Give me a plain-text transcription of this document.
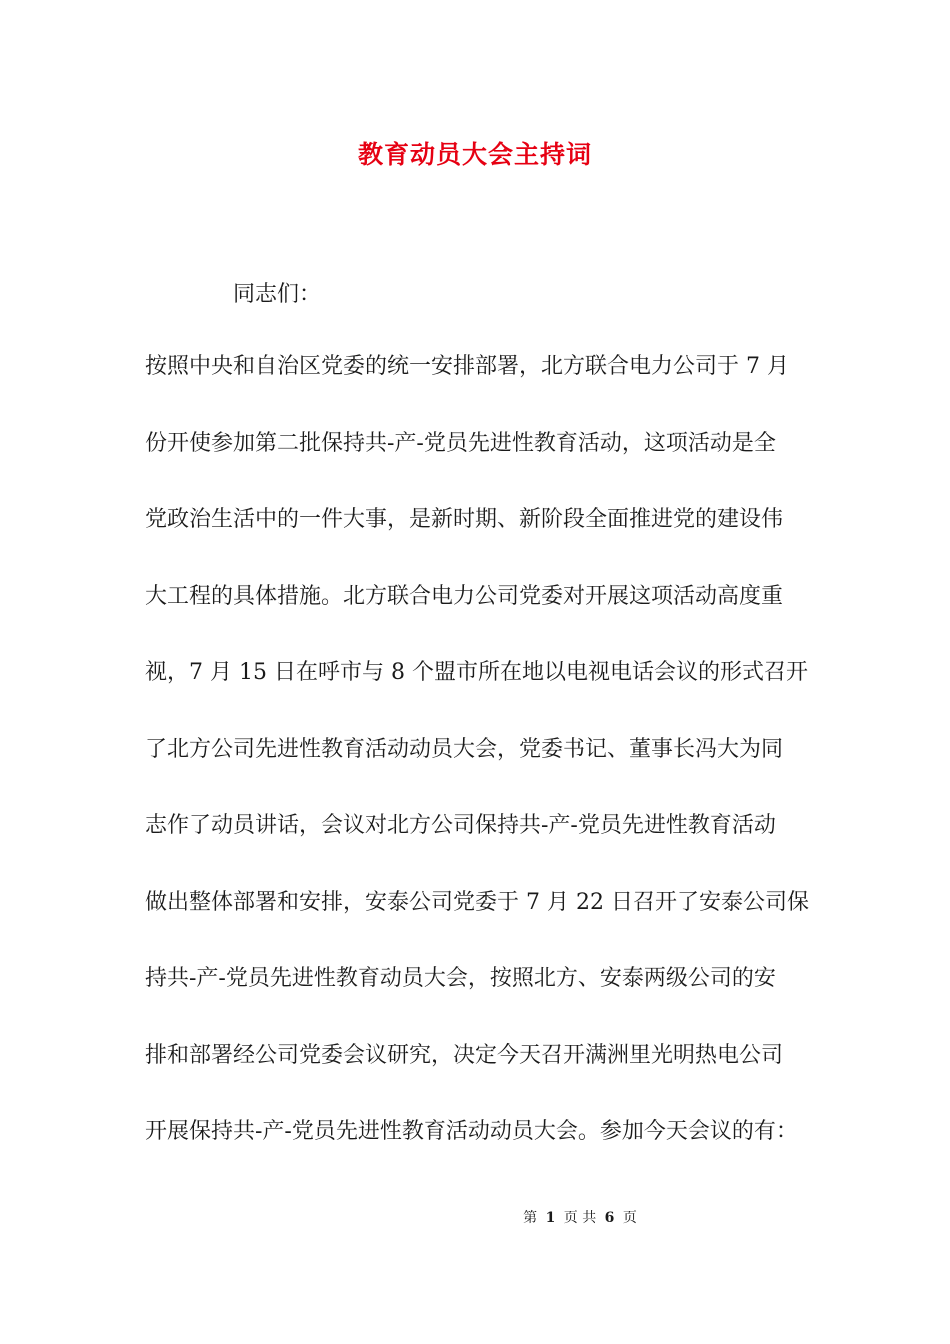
教育动员大会主持词
同志们：
按照中央和自治区党委的统一安排部署，北方联合电力公司于 7 月
份开使参加第二批保持共-产-党员先进性教育活动，这项活动是全
党政治生活中的一件大事，是新时期、新阶段全面推进党的建设伟
大工程的具体措施。北方联合电力公司党委对开展这项活动高度重
视，7 月 15 日在呼市与 8 个盟市所在地以电视电话会议的形式召开
了北方公司先进性教育活动动员大会，党委书记、董事长冯大为同
志作了动员讲话，会议对北方公司保持共-产-党员先进性教育活动
做出整体部署和安排，安泰公司党委于 7 月 22 日召开了安泰公司保
持共-产-党员先进性教育动员大会，按照北方、安泰两级公司的安
排和部署经公司党委会议研究，决定今天召开满洲里光明热电公司
开展保持共-产-党员先进性教育活动动员大会。参加今天会议的有：
第 1 页 共 6 页
